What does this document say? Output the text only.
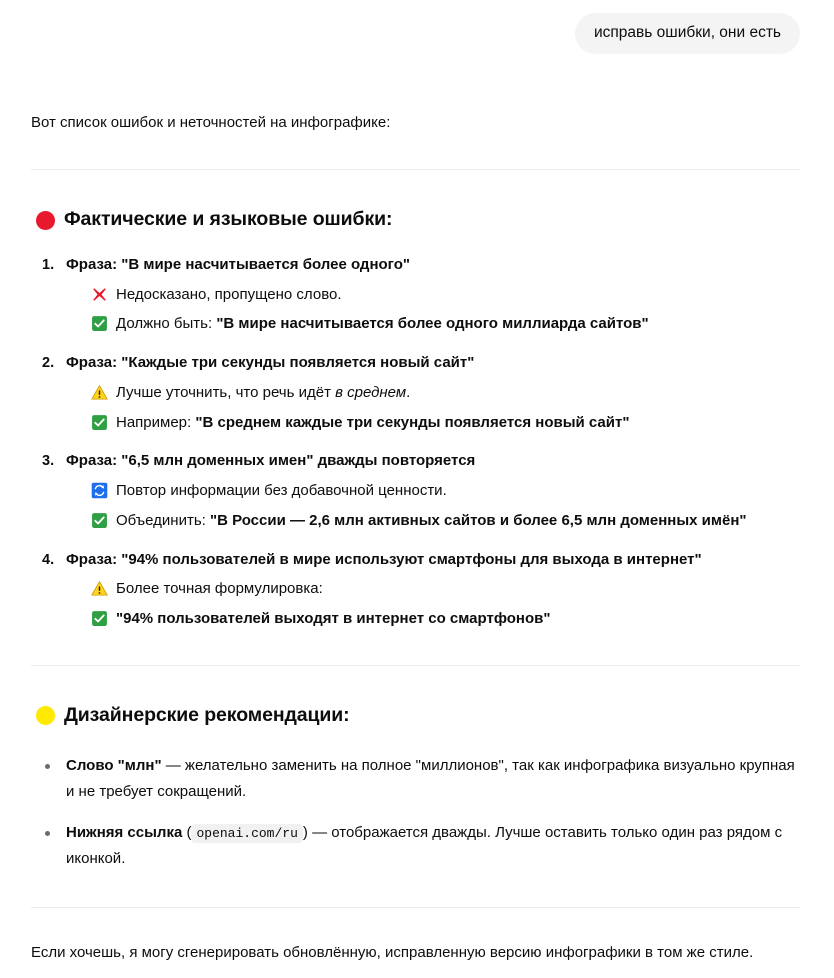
исправь ошибки, они есть

Вот список ошибок и неточностей на инфографике:

Фактические и языковые ошибки:
Фраза: "В мире насчитывается более одного"
Недосказано, пропущено слово.
Должно быть: "В мире насчитывается более одного миллиарда сайтов"
Фраза: "Каждые три секунды появляется новый сайт"
Лучше уточнить, что речь идёт в среднем.
Например: "В среднем каждые три секунды появляется новый сайт"
Фраза: "6,5 млн доменных имен" дважды повторяется
Повтор информации без добавочной ценности.
Объединить: "В России — 2,6 млн активных сайтов и более 6,5 млн доменных имён"
Фраза: "94% пользователей в мире используют смартфоны для выхода в интернет"
Более точная формулировка:
"94% пользователей выходят в интернет со смартфонов"
Дизайнерские рекомендации:
Слово "млн" — желательно заменить на полное "миллионов", так как инфографика визуально крупная и не требует сокращений.
Нижняя ссылка ( openai.com/ru ) — отображается дважды. Лучше оставить только один раз рядом с иконкой.

Если хочешь, я могу сгенерировать обновлённую, исправленную версию инфографики в том же стиле.
